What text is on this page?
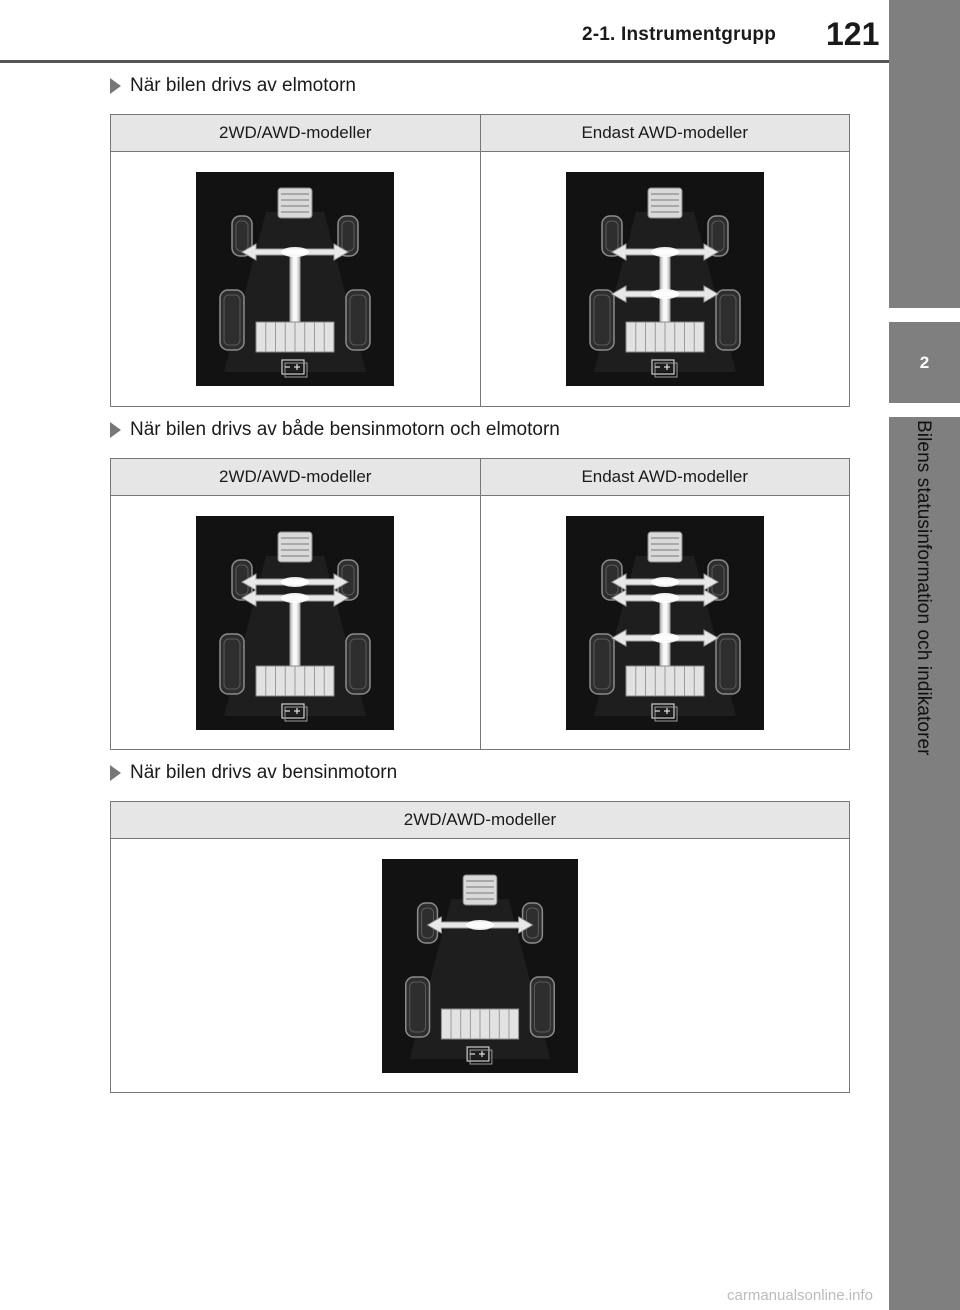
2-1. Instrumentgrupp 121
2
Bilens statusinformation och indikatorer
När bilen drivs av elmotorn
2WD/AWD-modeller	Endast AWD-modeller

När bilen drivs av både bensinmotorn och elmotorn
2WD/AWD-modeller	Endast AWD-modeller

När bilen drivs av bensinmotorn
2WD/AWD-modeller

carmanualsonline.info
